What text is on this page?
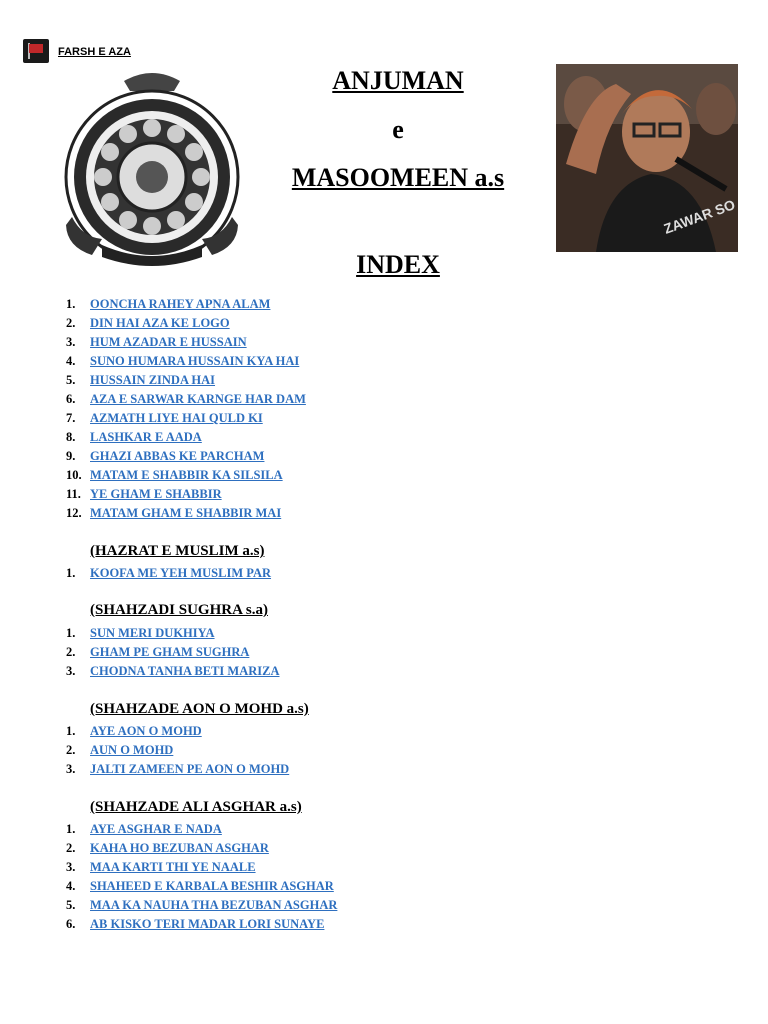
FARSH E AZA
ZAWAR SO
ANJUMAN
e
MASOOMEEN a.s
INDEX
1.	OONCHA RAHEY APNA ALAM
2.	DIN HAI AZA KE LOGO
3.	HUM AZADAR E HUSSAIN
4.	SUNO HUMARA HUSSAIN KYA HAI
5.	HUSSAIN ZINDA HAI
6.	AZA E SARWAR KARNGE HAR DAM
7.	AZMATH LIYE HAI QULD KI
8.	LASHKAR E AADA
9.	GHAZI ABBAS KE PARCHAM
10. MATAM E SHABBIR KA SILSILA
11. YE GHAM E SHABBIR
12. MATAM GHAM E SHABBIR MAI
(HAZRAT E MUSLIM a.s)
1.	KOOFA ME YEH MUSLIM PAR
(SHAHZADI SUGHRA s.a)
1.	SUN MERI DUKHIYA
2.	GHAM PE GHAM SUGHRA
3.	CHODNA TANHA BETI MARIZA
(SHAHZADE AON O MOHD a.s)
1.	AYE AON O MOHD
2.	AUN O MOHD
3.	JALTI ZAMEEN PE AON O MOHD
(SHAHZADE ALI ASGHAR a.s)
1.	AYE ASGHAR E NADA
2.	KAHA HO BEZUBAN ASGHAR
3.	MAA KARTI THI YE NAALE
4.	SHAHEED E KARBALA BESHIR ASGHAR
5.	MAA KA NAUHA THA BEZUBAN ASGHAR
6.	AB KISKO TERI MADAR LORI SUNAYE
